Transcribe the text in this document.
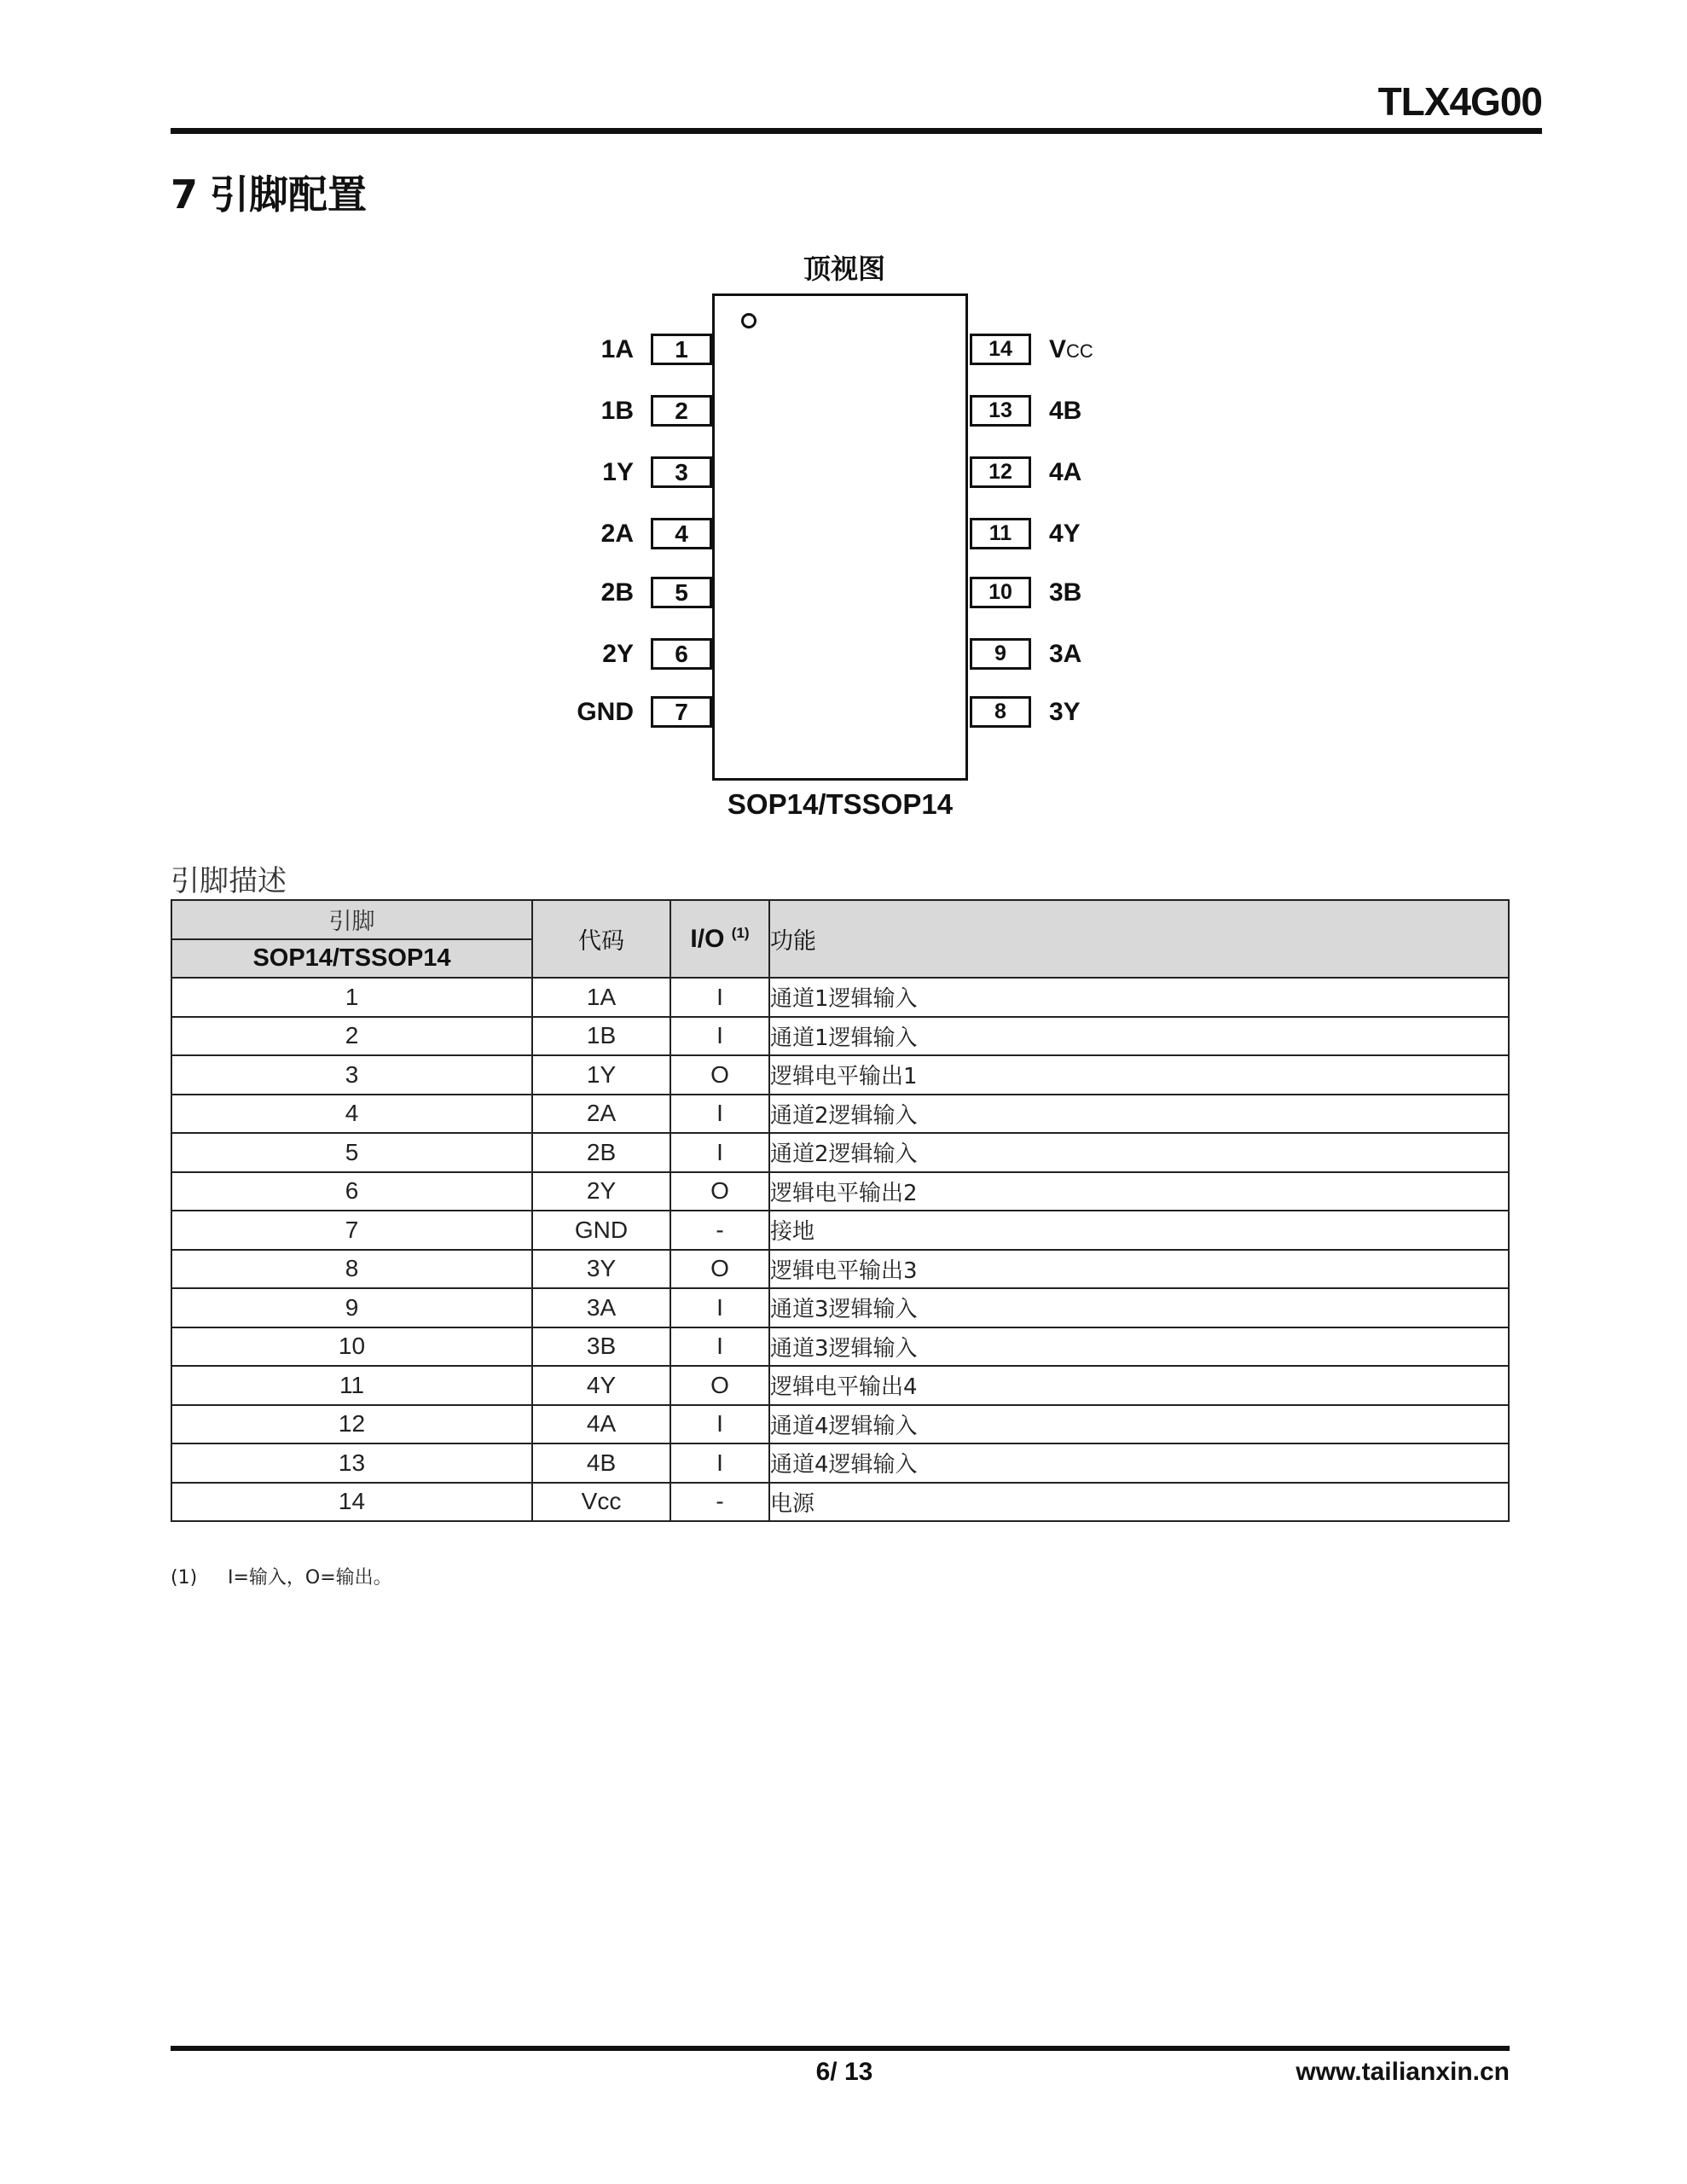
TLX4G00
7 引脚配置
顶视图
1
1A
2
1B
3
1Y
4
2A
5
2B
6
2Y
7
GND
14	VCC
13	4B
12	4A
11	4Y
10	3B
9	3A
8	3Y
SOP14/TSSOP14
引脚描述
引脚	代码	I/O $^{(1)}$	功能
SOP14/TSSOP14			
1	1A	I	通道1逻辑输入
2	1B	I	通道1逻辑输入
3	1Y	O	逻辑电平输出1
4	2A	I	通道2逻辑输入
5	2B	I	通道2逻辑输入
6	2Y	O	逻辑电平输出2
7	GND	-	接地
8	3Y	O	逻辑电平输出3
9	3A	I	通道3逻辑输入
10	3B	I	通道3逻辑输入
11	4Y	O	逻辑电平输出4
12	4A	I	通道4逻辑输入
13	4B	I	通道4逻辑输入
14	Vcc	-	电源
(1) I=输入，O=输出。
6/ 13	www.tailianxin.cn
